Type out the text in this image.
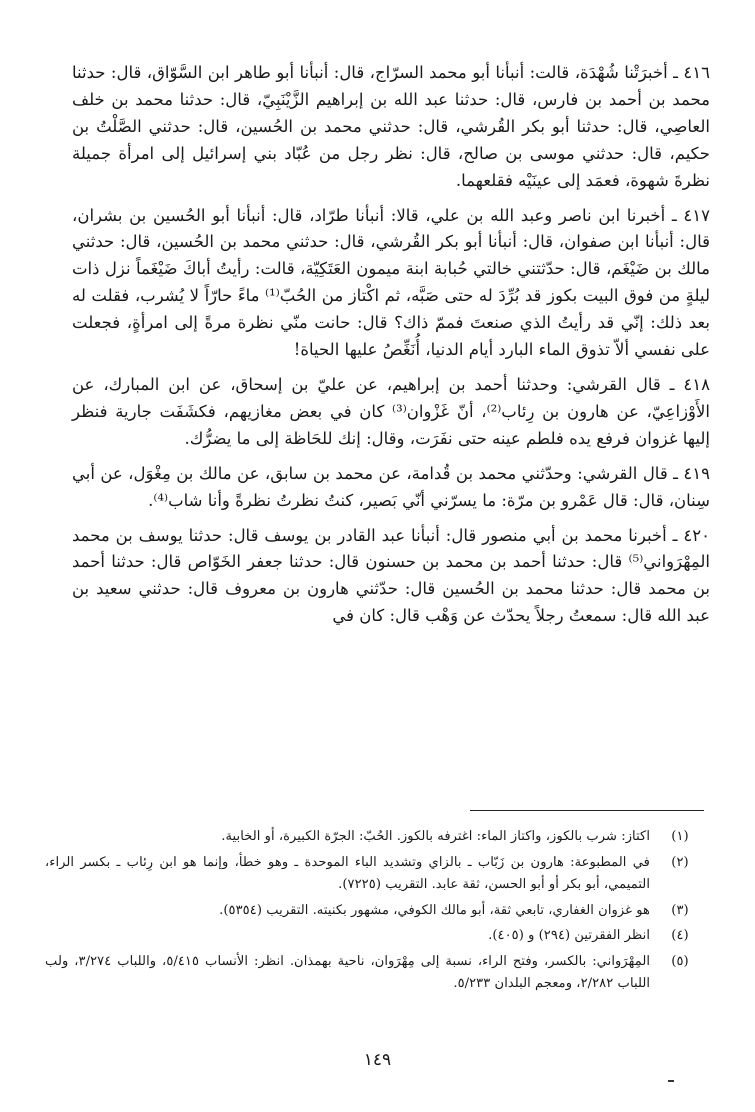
٤١٦ ـ أخبرَتْنا شُهْدَة، قالت: أنبأنا أبو محمد السرّاج، قال: أنبأنا أبو طاهر ابن السَّوّاق، قال: حدثنا محمد بن أحمد بن فارس، قال: حدثنا عبد الله بن إبراهيم الزَّيْنَبِيّ، قال: حدثنا محمد بن خلف العاصِي، قال: حدثنا أبو بكر القُرشي، قال: حدثني محمد بن الحُسين، قال: حدثني الصَّلْتُ بن حكيم، قال: حدثني موسى بن صالح، قال: نظر رجل من عُبّاد بني إسرائيل إلى امرأة جميلة نظرةَ شهوة، فعمَد إلى عينَيْه فقلعهما.

٤١٧ ـ أخبرنا ابن ناصر وعبد الله بن علي، قالا: أنبأنا طرّاد، قال: أنبأنا أبو الحُسين بن بشران، قال: أنبأنا ابن صفوان، قال: أنبأنا أبو بكر القُرشي، قال: حدثني محمد بن الحُسين، قال: حدثني مالك بن ضَيْغَم، قال: حدّثتني خالتي حُبابة ابنة ميمون العَتَكِيّة، قالت: رأيتُ أباكَ ضَيْغَماً نزل ذات ليلةٍ من فوق البيت بكوز قد بُرِّدَ له حتى صَبَّه، ثم اكْتاز من الحُبّ⁽¹⁾ ماءً حارّاً لا يُشرب، فقلت له بعد ذلك: إنّي قد رأيتُ الذي صنعتَ فممّ ذاك؟ قال: حانت منّي نظرة مرةً إلى امرأةٍ، فجعلت على نفسي ألاّ تذوق الماء البارد أيام الدنيا، أُنَغِّصُ عليها الحياة!

٤١٨ ـ قال القرشي: وحدثنا أحمد بن إبراهيم، عن عليّ بن إسحاق، عن ابن المبارك، عن الأَوْزاعِيّ، عن هارون بن رِئاب⁽²⁾، أنّ غَزْوان⁽³⁾ كان في بعض مغازيهم، فكشَفَت جارية فنظر إليها غزوان فرفع يده فلطم عينه حتى نفَرَت، وقال: إنك للحَاظة إلى ما يضرُّك.

٤١٩ ـ قال القرشي: وحدّثني محمد بن قُدامة، عن محمد بن سابق، عن مالك بن مِغْوَل، عن أبي سِنان، قال: قال عَمْرو بن مرّة: ما يسرّني أنّي بَصير، كنتُ نظرتُ نظرةً وأنا شاب⁽⁴⁾.

٤٢٠ ـ أخبرنا محمد بن أبي منصور قال: أنبأنا عبد القادر بن يوسف قال: حدثنا يوسف بن محمد المِهْرَواني⁽⁵⁾ قال: حدثنا أحمد بن محمد بن حسنون قال: حدثنا جعفر الخَوّاص قال: حدثنا أحمد بن محمد قال: حدثنا محمد بن الحُسين قال: حدّثني هارون بن معروف قال: حدثني سعيد بن عبد الله قال: سمعتُ رجلاً يحدّث عن وَهْب قال: كان في

(١)
اكتاز: شرب بالكوز، واكتاز الماء: اغترفه بالكوز. الحُبّ: الجرّة الكبيرة، أو الخابية.
(٢)
في المطبوعة: هارون بن زَبّاب ـ بالزاي وتشديد الباء الموحدة ـ وهو خطأ، وإنما هو ابن رِئاب ـ بكسر الراء، التميمي، أبو بكر أو أبو الحسن، ثقة عابد. التقريب (٧٢٢٥).
(٣)
هو غزوان الغفاري، تابعي ثقة، أبو مالك الكوفي، مشهور بكنيته. التقريب (٥٣٥٤).
(٤)
انظر الفقرتين (٢٩٤) و (٤٠٥).
(٥)
المِهْرَواني: بالكسر، وفتح الراء، نسبة إلى مِهْرَوان، ناحية بهمذان. انظر: الأنساب ٥/٤١٥، واللباب ٣/٢٧٤، ولب اللباب ٢/٢٨٢، ومعجم البلدان ٥/٢٣٣.
١٤٩
